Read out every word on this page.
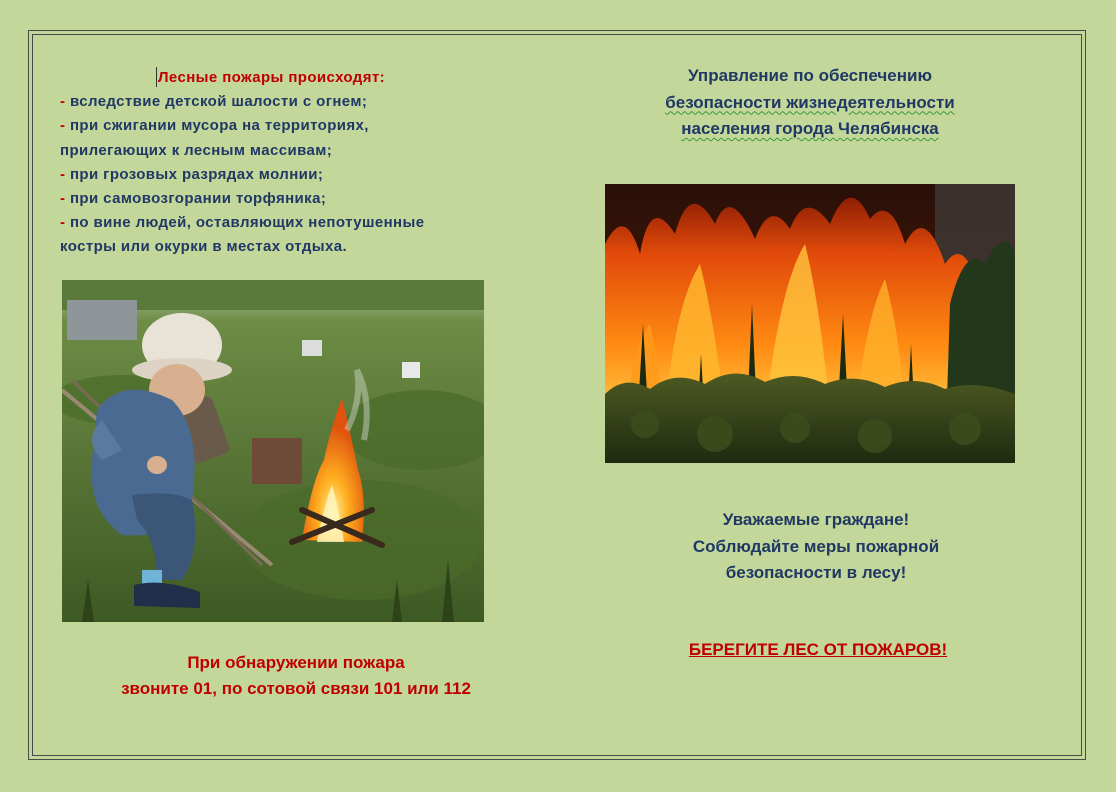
Лесные пожары происходят:
- вследствие детской шалости с огнем;
- при сжигании мусора на территориях,
прилегающих к лесным массивам;
- при грозовых разрядах молнии;
- при самовозгорании торфяника;
- по вине людей, оставляющих непотушенные
костры или окурки в местах отдыха.
Управление по обеспечению
безопасности жизнедеятельности
населения города Челябинска
Уважаемые граждане!
Соблюдайте меры пожарной
безопасности в лесу!
БЕРЕГИТЕ ЛЕС ОТ ПОЖАРОВ!
При обнаружении пожара
звоните 01, по сотовой связи 101 или 112
